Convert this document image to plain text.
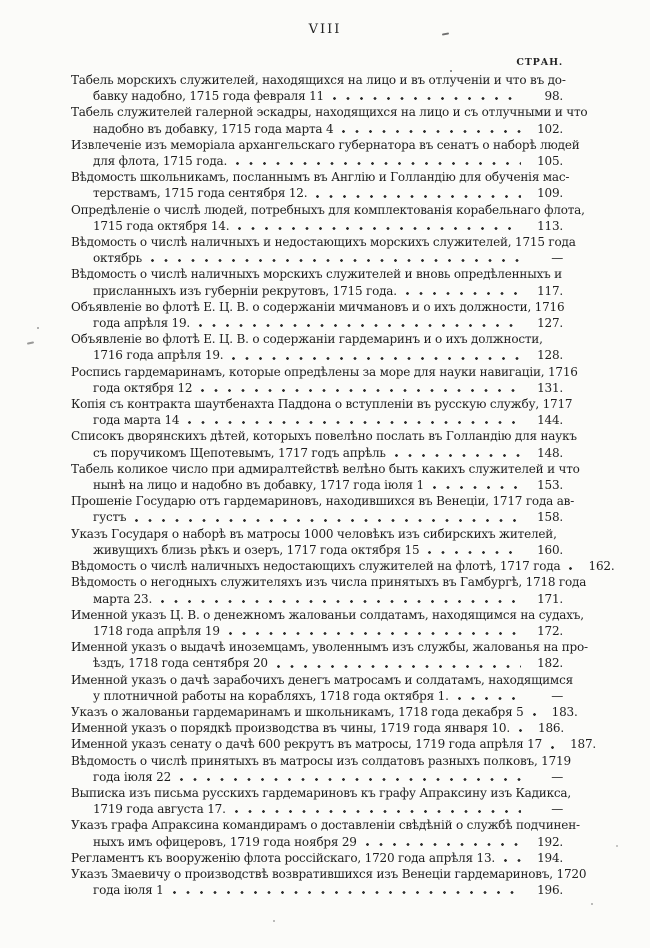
VIII
СТРАН.
Табель морскихъ служителей, находящихся на лицо и въ отлученіи и что въ до-
бавку надобно, 1715 года февраля 11	98.
Табель служителей галерной эскадры, находящихся на лицо и съ отлучными и что
надобно въ добавку, 1715 года марта 4	102.
Извлеченіе изъ меморіала архангельскаго губернатора въ сенатъ о наборѣ людей
для флота, 1715 года.	105.
Вѣдомость школьникамъ, посланнымъ въ Англію и Голландію для обученія мас-
терствамъ, 1715 года сентября 12.	109.
Опредѣленіе о числѣ людей, потребныхъ для комплектованія корабельнаго флота,
1715 года октября 14.	113.
Вѣдомость о числѣ наличныхъ и недостающихъ морскихъ служителей, 1715 года
октябрь	—
Вѣдомость о числѣ наличныхъ морскихъ служителей и вновь опредѣленныхъ и
присланныхъ изъ губерніи рекрутовъ, 1715 года.	117.
Объявленіе во флотѣ Е. Ц. В. о содержаніи мичмановъ и о ихъ должности, 1716
года апрѣля 19.	127.
Объявленіе во флотѣ Е. Ц. В. о содержаніи гардемаринъ и о ихъ должности,
1716 года апрѣля 19.	128.
Роспись гардемаринамъ, которые опредѣлены за море для науки навигаціи, 1716
года октября 12	131.
Копія съ контракта шаутбенахта Паддона о вступленіи въ русскую службу, 1717
года марта 14	144.
Списокъ дворянскихъ дѣтей, которыхъ повелѣно послать въ Голландію для наукъ
съ поручикомъ Щепотевымъ, 1717 годъ апрѣль	148.
Табель коликое число при адмиралтействѣ велѣно быть какихъ служителей и что
нынѣ на лицо и надобно въ добавку, 1717 года іюля 1	153.
Прошеніе Государю отъ гардемариновъ, находившихся въ Венеціи, 1717 года ав-
густъ	158.
Указъ Государя о наборѣ въ матросы 1000 человѣкъ изъ сибирскихъ жителей,
живущихъ близь рѣкъ и озеръ, 1717 года октября 15	160.
Вѣдомость о числѣ наличныхъ недостающихъ служителей на флотѣ, 1717 года	162.
Вѣдомость о негодныхъ служителяхъ изъ числа принятыхъ въ Гамбургѣ, 1718 года
марта 23.	171.
Именной указъ Ц. В. о денежномъ жалованьи солдатамъ, находящимся на судахъ,
1718 года апрѣля 19	172.
Именной указъ о выдачѣ иноземцамъ, уволеннымъ изъ службы, жалованья на про-
ѣздъ, 1718 года сентября 20	182.
Именной указъ о дачѣ зарабочихъ денегъ матросамъ и солдатамъ, находящимся
у плотничной работы на корабляхъ, 1718 года октября 1.	—
Указъ о жалованьи гардемаринамъ и школьникамъ, 1718 года декабря 5	183.
Именной указъ о порядкѣ производства въ чины, 1719 года января 10.	186.
Именной указъ сенату о дачѣ 600 рекрутъ въ матросы, 1719 года апрѣля 17	187.
Вѣдомость о числѣ принятыхъ въ матросы изъ солдатовъ разныхъ полковъ, 1719
года іюля 22	—
Выписка изъ письма русскихъ гардемариновъ къ графу Апраксину изъ Кадикса,
1719 года августа 17.	—
Указъ графа Апраксина командирамъ о доставленіи свѣдѣній о службѣ подчинен-
ныхъ имъ офицеровъ, 1719 года ноября 29	192.
Регламентъ къ вооруженію флота россійскаго, 1720 года апрѣля 13.	194.
Указъ Змаевичу о производствѣ возвратившихся изъ Венеціи гардемариновъ, 1720
года іюля 1	196.
